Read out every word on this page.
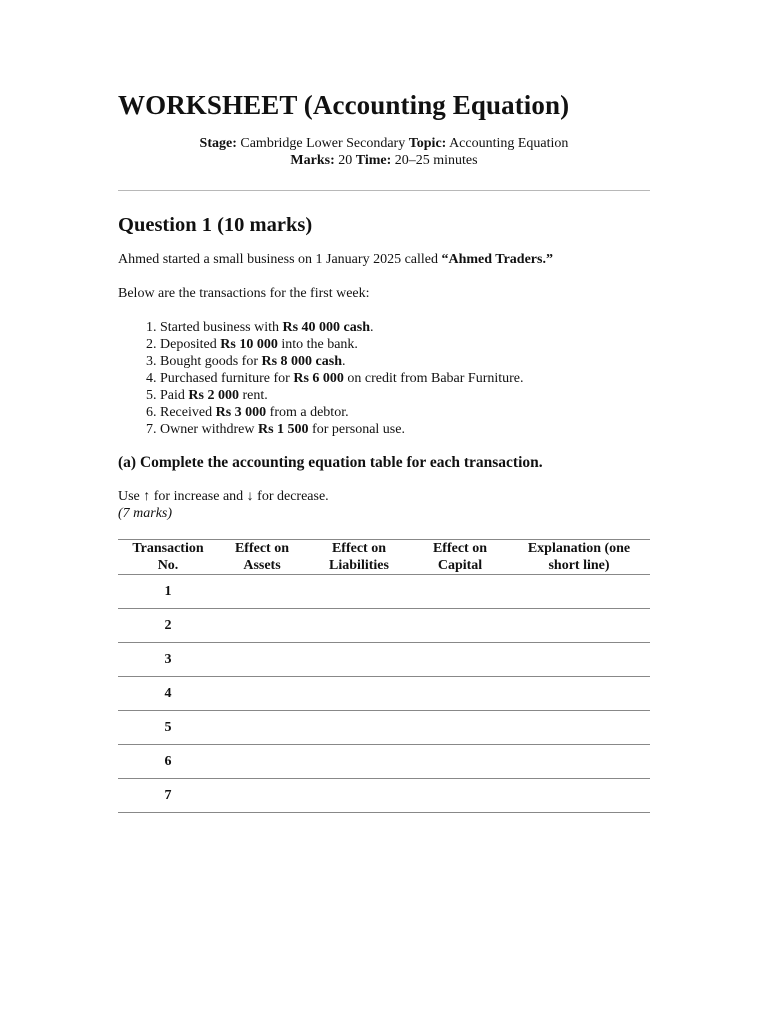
WORKSHEET (Accounting Equation)
Stage: Cambridge Lower Secondary Topic: Accounting Equation
Marks: 20 Time: 20–25 minutes
Question 1 (10 marks)

Ahmed started a small business on 1 January 2025 called “Ahmed Traders.”

Below are the transactions for the first week:

1. Started business with Rs 40 000 cash.
2. Deposited Rs 10 000 into the bank.
3. Bought goods for Rs 8 000 cash.
4. Purchased furniture for Rs 6 000 on credit from Babar Furniture.
5. Paid Rs 2 000 rent.
6. Received Rs 3 000 from a debtor.
7. Owner withdrew Rs 1 500 for personal use.
(a) Complete the accounting equation table for each transaction.

Use ↑ for increase and ↓ for decrease.

(7 marks)

Transaction No.	Effect on Assets	Effect on Liabilities	Effect on Capital	Explanation (one short line)
1				
2				
3				
4				
5				
6				
7				
